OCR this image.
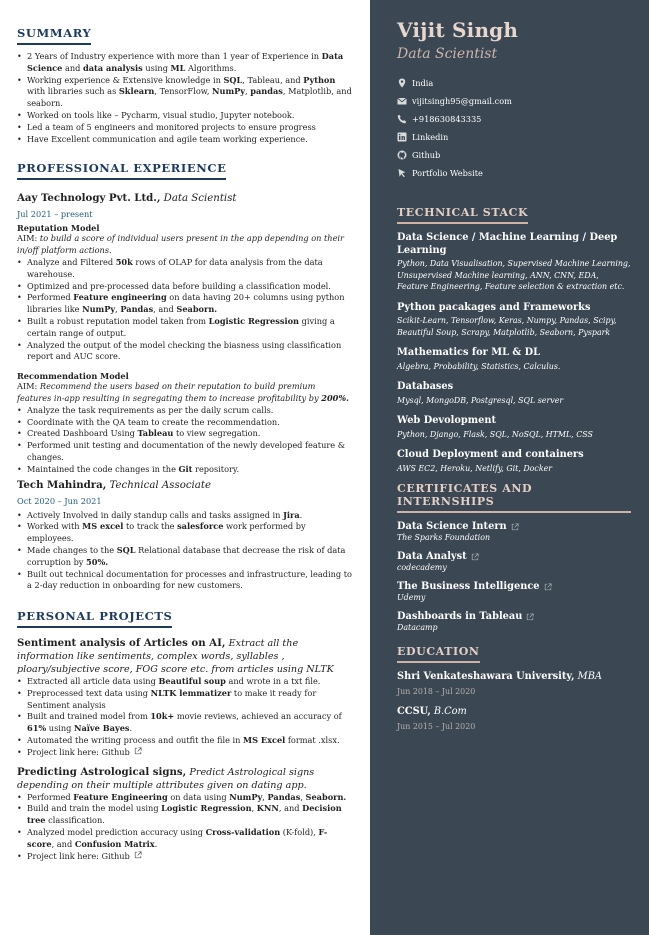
SUMMARY
• 2 Years of Industry experience with more than 1 year of Experience in Data Science and data analysis using ML Algorithms.
• Working experience & Extensive knowledge in SQL, Tableau, and Python with libraries such as Sklearn, TensorFlow, NumPy, pandas, Matplotlib, and seaborn.
• Worked on tools like – Pycharm, visual studio, Jupyter notebook.
• Led a team of 5 engineers and monitored projects to ensure progress
• Have Excellent communication and agile team working experience.
PROFESSIONAL EXPERIENCE
Aay Technology Pvt. Ltd., Data Scientist
Jul 2021 – present
Reputation Model
AIM: to build a score of individual users present in the app depending on their in/off platform actions.
• Analyze and Filtered 50k rows of OLAP for data analysis from the data warehouse.
• Optimized and pre-processed data before building a classification model.
• Performed Feature engineering on data having 20+ columns using python libraries like NumPy, Pandas, and Seaborn.
• Built a robust reputation model taken from Logistic Regression giving a certain range of output.
• Analyzed the output of the model checking the biasness using classification report and AUC score.
Recommendation Model
AIM: Recommend the users based on their reputation to build premium features in-app resulting in segregating them to increase profitability by 200%.
• Analyze the task requirements as per the daily scrum calls.
• Coordinate with the QA team to create the recommendation.
• Created Dashboard Using Tableau to view segregation.
• Performed unit testing and documentation of the newly developed feature & changes.
• Maintained the code changes in the Git repository.
Tech Mahindra, Technical Associate
Oct 2020 – Jun 2021
• Actively Involved in daily standup calls and tasks assigned in Jira.
• Worked with MS excel to track the salesforce work performed by employees.
• Made changes to the SQL Relational database that decrease the risk of data corruption by 50%.
• Built out technical documentation for processes and infrastructure, leading to a 2-day reduction in onboarding for new customers.
PERSONAL PROJECTS
Sentiment analysis of Articles on AI, Extract all the information like sentiments, complex words, syllables , ploary/subjective score, FOG score etc. from articles using NLTK
• Extracted all article data using Beautiful soup and wrote in a txt file.
• Preprocessed text data using NLTK lemmatizer to make it ready for Sentiment analysis
• Built and trained model from 10k+ movie reviews, achieved an accuracy of 61% using Naïve Bayes.
• Automated the writing process and outfit the file in MS Excel format .xlsx.
• Project link here: Github
Predicting Astrological signs, Predict Astrological signs depending on their multiple attributes given on dating app.
• Performed Feature Engineering on data using NumPy, Pandas, Seaborn.
• Build and train the model using Logistic Regression, KNN, and Decision tree classification.
• Analyzed model prediction accuracy using Cross-validation (K-fold), F-score, and Confusion Matrix.
• Project link here: Github
Vijit Singh
Data Scientist
India
vijitsingh95@gmail.com
+918630843335
Linkedin
Github
Portfolio Website
TECHNICAL STACK
Data Science / Machine Learning / Deep Learning
Python, Data Visualisation, Supervised Machine Learning, Unsupervised Machine learning, ANN, CNN, EDA, Feature Engineering, Feature selection & extraction etc.
Python pacakages and Frameworks
Scikit-Learn, Tensorflow, Keras, Numpy, Pandas, Scipy, Beautiful Soup, Scrapy, Matplotlib, Seaborn, Pyspark
Mathematics for ML & DL
Algebra, Probability, Statistics, Calculus.
Databases
Mysql, MongoDB, Postgresql, SQL server
Web Devolopment
Python, Django, Flask, SQL, NoSQL, HTML, CSS
Cloud Deployment and containers
AWS EC2, Heroku, Netlify, Git, Docker
CERTIFICATES AND INTERNSHIPS
Data Science Intern
The Sparks Foundation
Data Analyst
codecademy
The Business Intelligence
Udemy
Dashboards in Tableau
Datacamp
EDUCATION
Shri Venkateshawara University, MBA
Jun 2018 – Jul 2020
CCSU, B.Com
Jun 2015 – Jul 2020
